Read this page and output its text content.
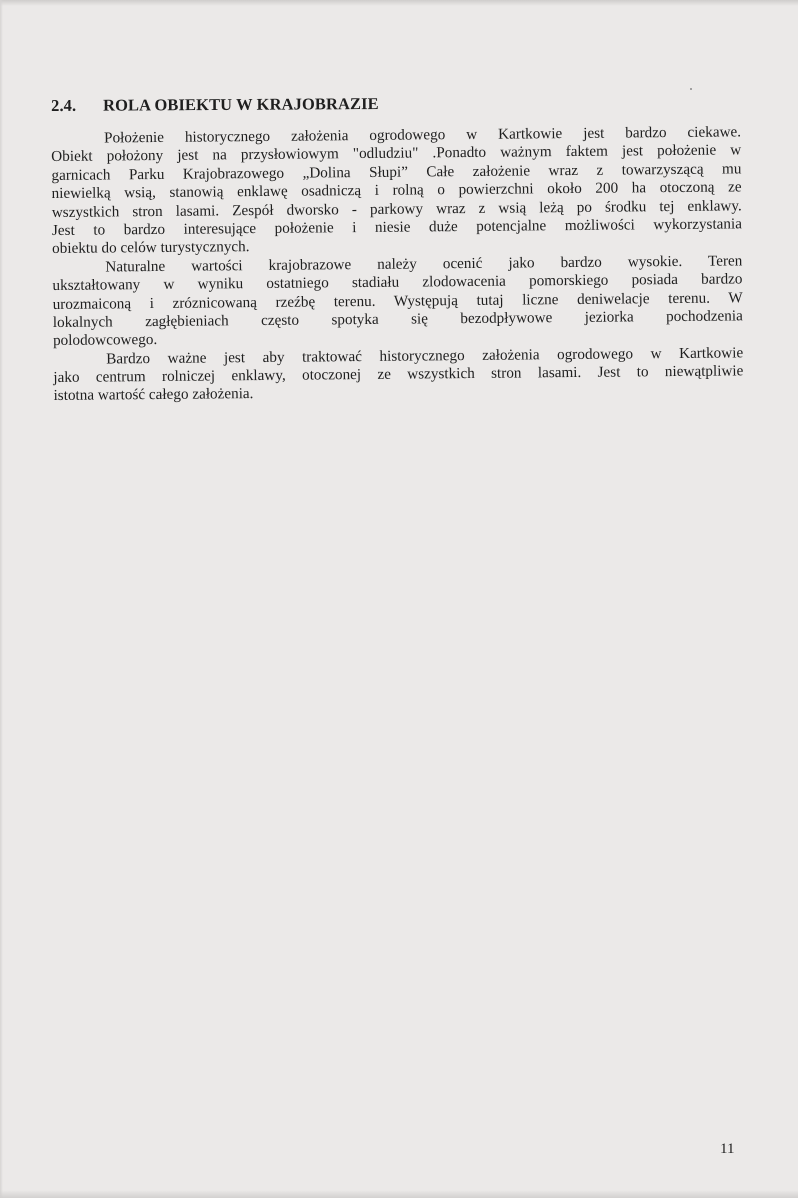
2.4. ROLA OBIEKTU W KRAJOBRAZIE
Położenie historycznego założenia ogrodowego w Kartkowie jest bardzo ciekawe.
Obiekt położony jest na przysłowiowym "odludziu" .Ponadto ważnym faktem jest położenie w
garnicach Parku Krajobrazowego „Dolina Słupi” Całe założenie wraz z towarzyszącą mu
niewielką wsią, stanowią enklawę osadniczą i rolną o powierzchni około 200 ha otoczoną ze
wszystkich stron lasami. Zespół dworsko - parkowy wraz z wsią leżą po środku tej enklawy.
Jest to bardzo interesujące położenie i niesie duże potencjalne możliwości wykorzystania
obiektu do celów turystycznych.
Naturalne wartości krajobrazowe należy ocenić jako bardzo wysokie. Teren
ukształtowany w wyniku ostatniego stadiału zlodowacenia pomorskiego posiada bardzo
urozmaiconą i zróznicowaną rzeźbę terenu. Występują tutaj liczne deniwelacje terenu. W
lokalnych zagłębieniach często spotyka się bezodpływowe jeziorka pochodzenia
polodowcowego.
Bardzo ważne jest aby traktować historycznego założenia ogrodowego w Kartkowie
jako centrum rolniczej enklawy, otoczonej ze wszystkich stron lasami. Jest to niewątpliwie
istotna wartość całego założenia.
11
